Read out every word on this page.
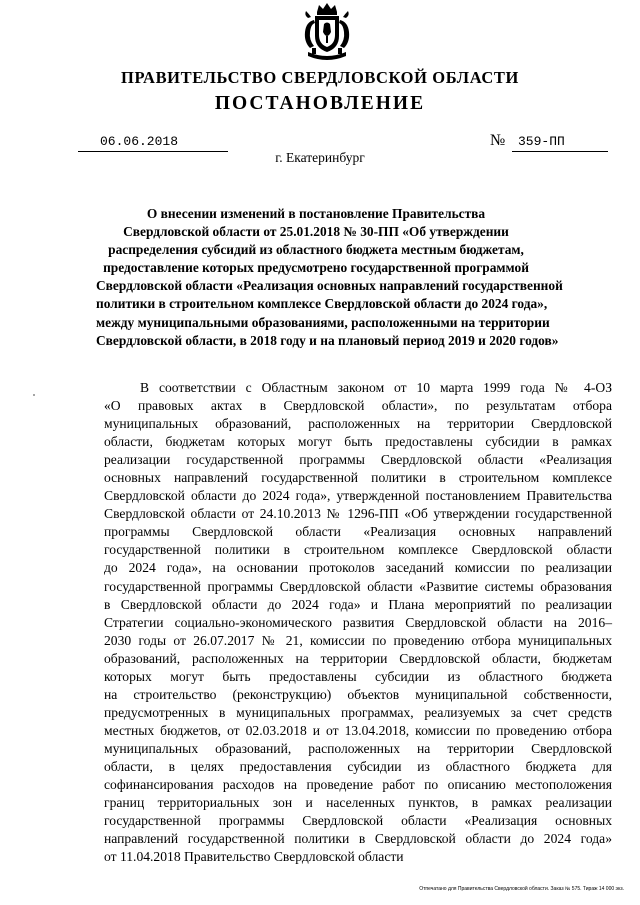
ПРАВИТЕЛЬСТВО СВЕРДЛОВСКОЙ ОБЛАСТИ
ПОСТАНОВЛЕНИЕ
06.06.2018	№ 359-ПП
г. Екатеринбург
О внесении изменений в постановление Правительства
Свердловской области от 25.01.2018 № 30-ПП «Об утверждении
распределения субсидий из областного бюджета местным бюджетам,
предоставление которых предусмотрено государственной программой
Свердловской области «Реализация основных направлений государственной
политики в строительном комплексе Свердловской области до 2024 года»,
между муниципальными образованиями, расположенными на территории
Свердловской области, в 2018 году и на плановый период 2019 и 2020 годов»
В соответствии с Областным законом от 10 марта 1999 года № 4-ОЗ
«О правовых актах в Свердловской области», по результатам отбора
муниципальных образований, расположенных на территории Свердловской
области, бюджетам которых могут быть предоставлены субсидии в рамках
реализации государственной программы Свердловской области «Реализация
основных направлений государственной политики в строительном комплексе
Свердловской области до 2024 года», утвержденной постановлением Правительства
Свердловской области от 24.10.2013 № 1296-ПП «Об утверждении государственной
программы Свердловской области «Реализация основных направлений
государственной политики в строительном комплексе Свердловской области
до 2024 года», на основании протоколов заседаний комиссии по реализации
государственной программы Свердловской области «Развитие системы образования
в Свердловской области до 2024 года» и Плана мероприятий по реализации
Стратегии социально-экономического развития Свердловской области на 2016–
2030 годы от 26.07.2017 № 21, комиссии по проведению отбора муниципальных
образований, расположенных на территории Свердловской области, бюджетам
которых могут быть предоставлены субсидии из областного бюджета
на строительство (реконструкцию) объектов муниципальной собственности,
предусмотренных в муниципальных программах, реализуемых за счет средств
местных бюджетов, от 02.03.2018 и от 13.04.2018, комиссии по проведению отбора
муниципальных образований, расположенных на территории Свердловской
области, в целях предоставления субсидии из областного бюджета для
софинансирования расходов на проведение работ по описанию местоположения
границ территориальных зон и населенных пунктов, в рамках реализации
государственной программы Свердловской области «Реализация основных
направлений государственной политики в Свердловской области до 2024 года»
от 11.04.2018 Правительство Свердловской области
Отпечатано для Правительства Свердловской области. Заказ № 575. Тираж 14 000 экз.
